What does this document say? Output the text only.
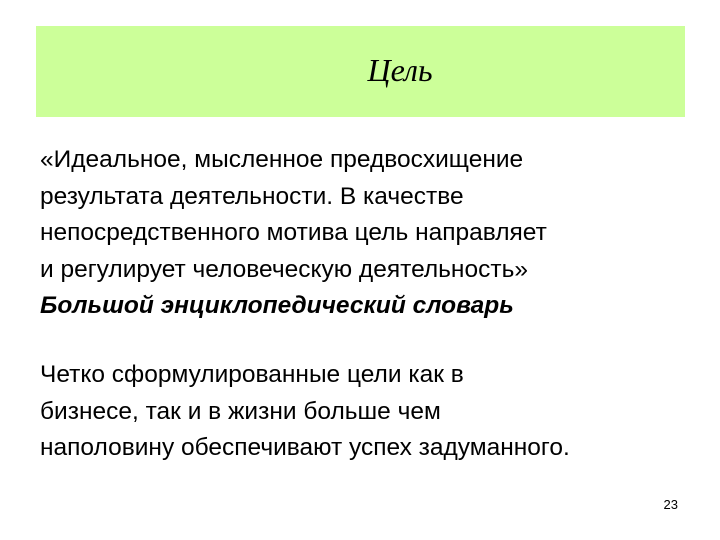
Цель

«Идеальное, мысленное предвосхищение
результата деятельности. В качестве
непосредственного мотива цель направляет
и регулирует человеческую деятельность»
Большой энциклопедический словарь

Четко сформулированные цели как в
бизнесе, так и в жизни больше чем
наполовину обеспечивают успех задуманного.

23
